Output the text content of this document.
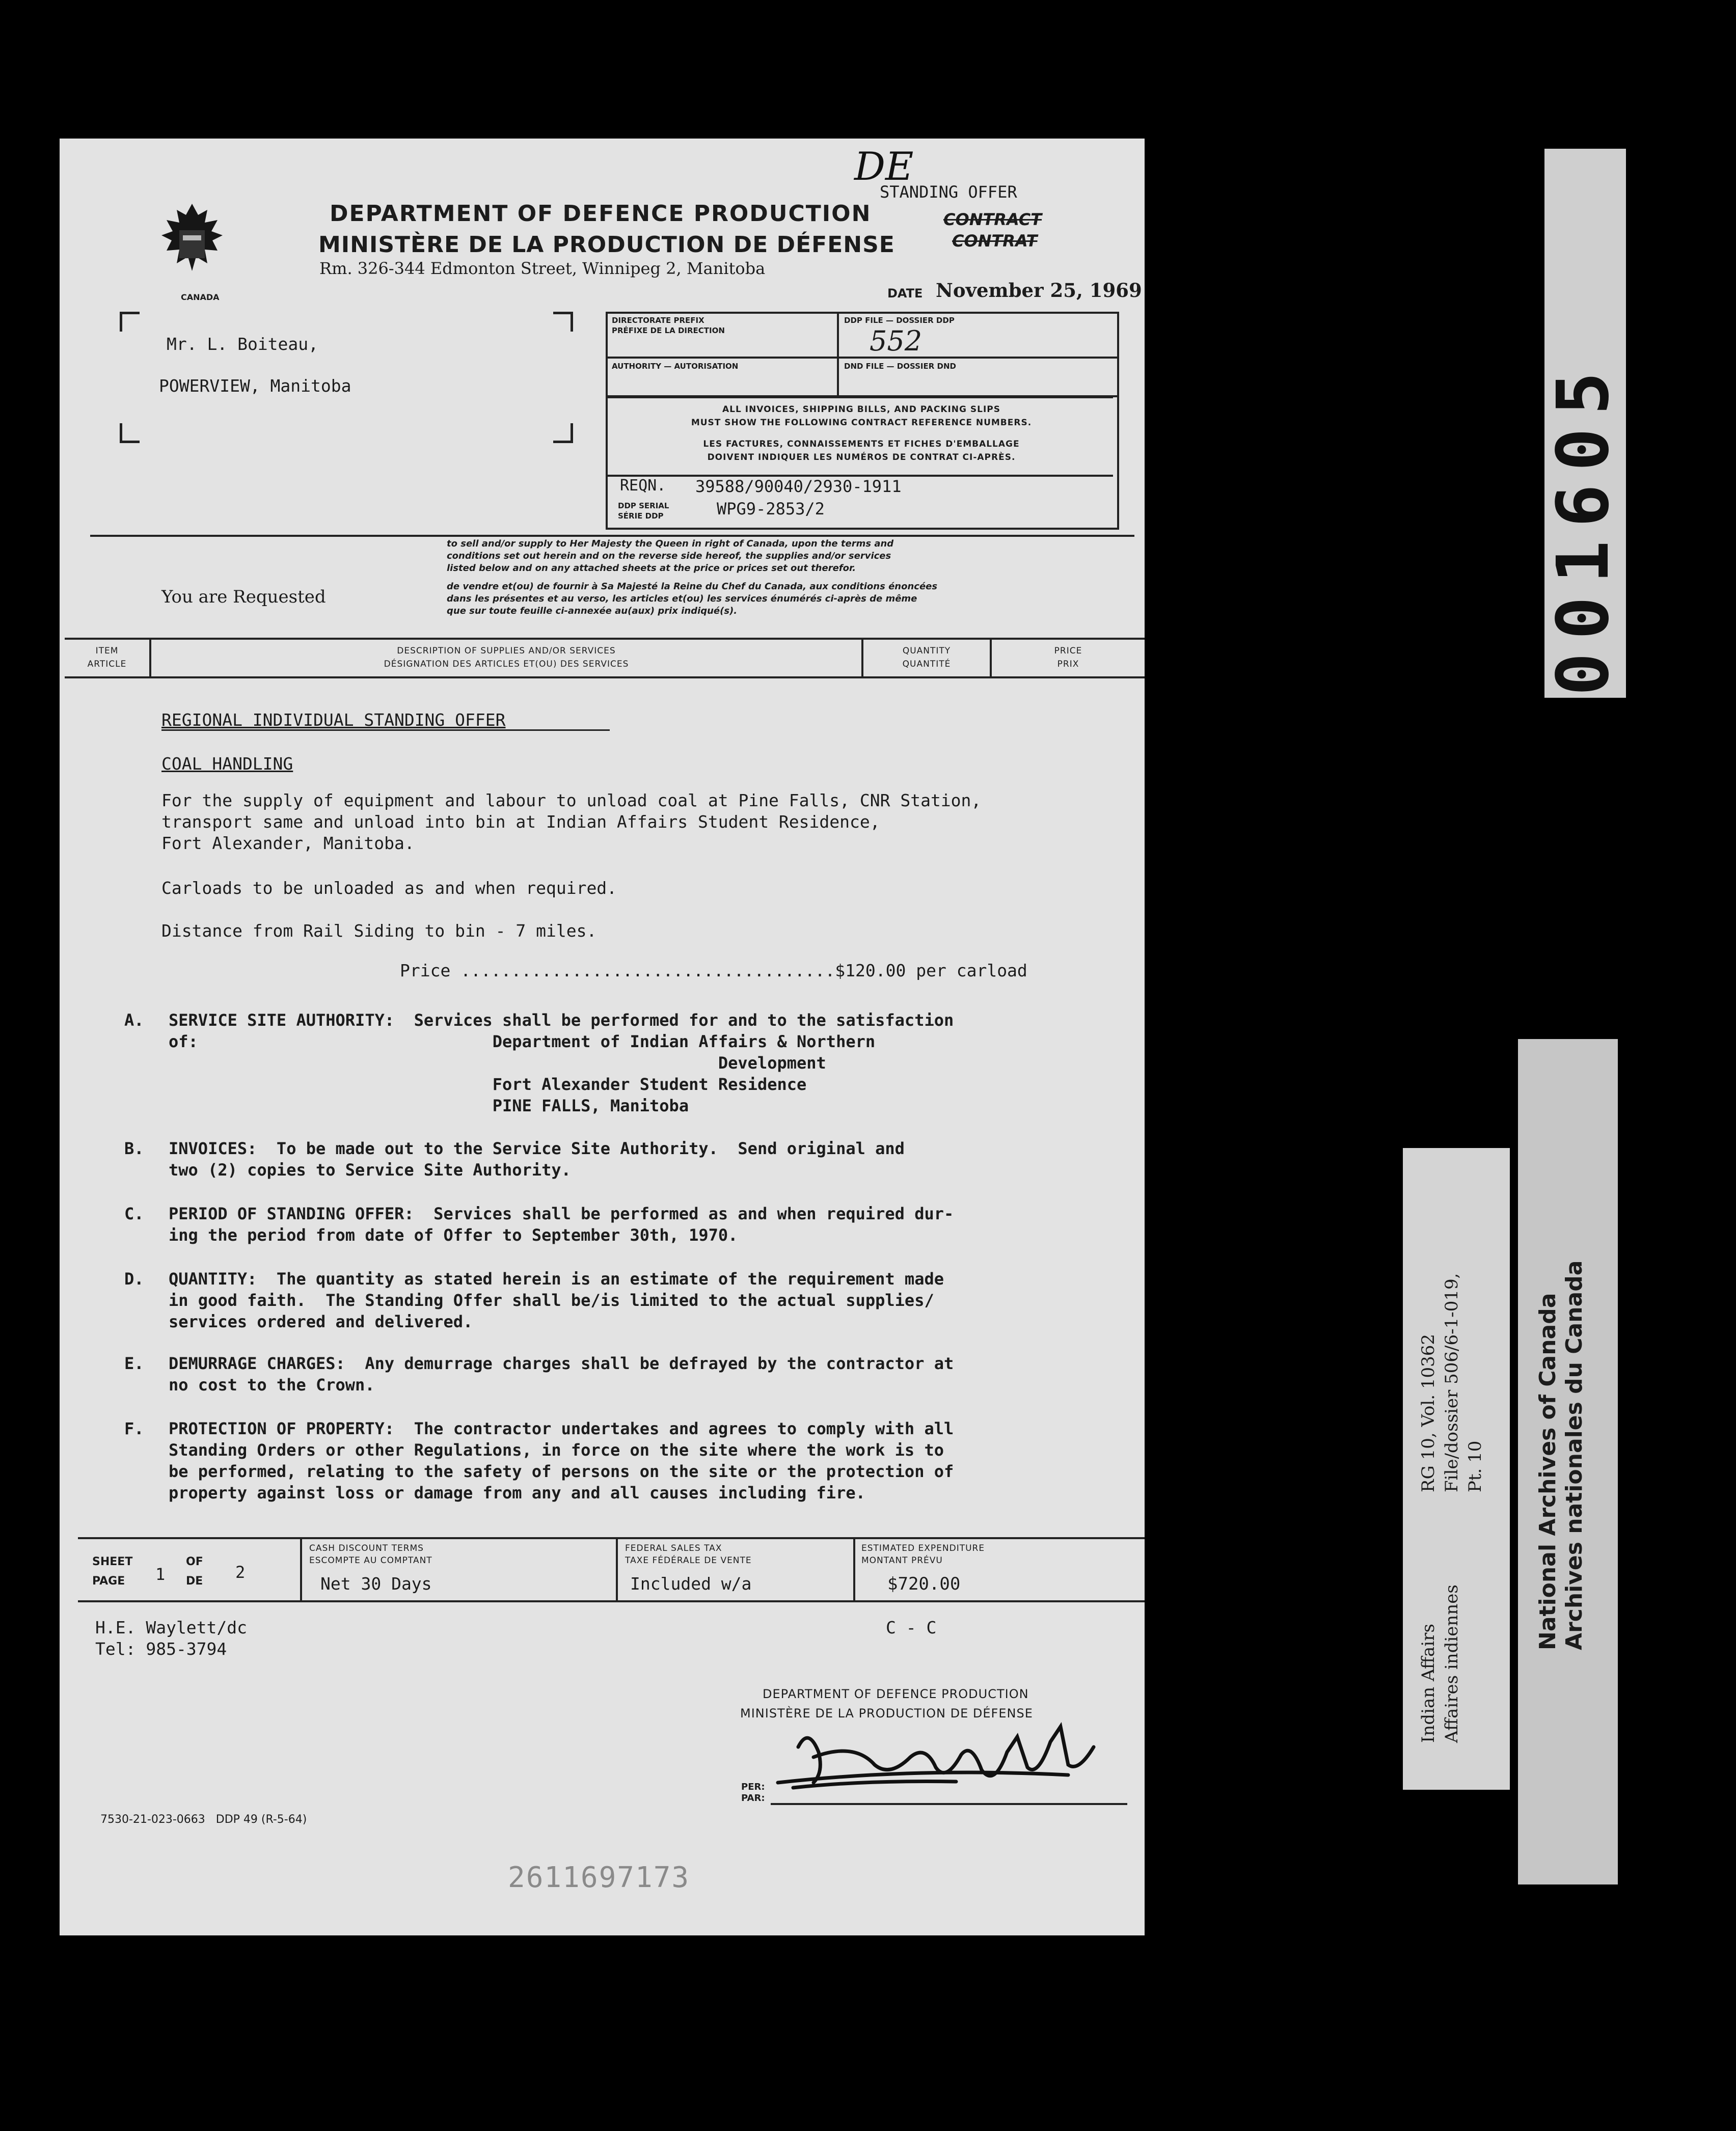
CANADA
DEPARTMENT OF DEFENCE PRODUCTION
MINISTÈRE DE LA PRODUCTION DE DÉFENSE
Rm. 326-344 Edmonton Street, Winnipeg 2, Manitoba
DE
STANDING OFFER
CONTRACT
CONTRAT
DATE November 25, 1969
Mr. L. Boiteau,
POWERVIEW, Manitoba
DIRECTORATE PREFIX
PRÉFIXE DE LA DIRECTION
DDP FILE — DOSSIER DDP
552
AUTHORITY — AUTORISATION	DND FILE — DOSSIER DND
ALL INVOICES, SHIPPING BILLS, AND PACKING SLIPS
MUST SHOW THE FOLLOWING CONTRACT REFERENCE NUMBERS.
LES FACTURES, CONNAISSEMENTS ET FICHES D'EMBALLAGE
DOIVENT INDIQUER LES NUMÉROS DE CONTRAT CI-APRÈS.
REQN. 39588/90040/2930-1911
DDP SERIAL
SÉRIE DDP	WPG9-2853/2
You are Requested
to sell and/or supply to Her Majesty the Queen in right of Canada, upon the terms and
conditions set out herein and on the reverse side hereof, the supplies and/or services
listed below and on any attached sheets at the price or prices set out therefor.
de vendre et(ou) de fournir à Sa Majesté la Reine du Chef du Canada, aux conditions énoncées
dans les présentes et au verso, les articles et(ou) les services énumérés ci-après de même
que sur toute feuille ci-annexée au(aux) prix indiqué(s).
ITEM
ARTICLE
DESCRIPTION OF SUPPLIES AND/OR SERVICES
DÉSIGNATION DES ARTICLES ET(OU) DES SERVICES
QUANTITY
QUANTITÉ
PRICE
PRIX
REGIONAL INDIVIDUAL STANDING OFFER
COAL HANDLING
For the supply of equipment and labour to unload coal at Pine Falls, CNR Station,
transport same and unload into bin at Indian Affairs Student Residence,
Fort Alexander, Manitoba.
Carloads to be unloaded as and when required.
Distance from Rail Siding to bin - 7 miles.
Price .....................................$120.00 per carload
A. SERVICE SITE AUTHORITY:  Services shall be performed for and to the satisfaction
of:                              Department of Indian Affairs & Northern
Development
Fort Alexander Student Residence
PINE FALLS, Manitoba
B. INVOICES:  To be made out to the Service Site Authority.  Send original and
two (2) copies to Service Site Authority.
C. PERIOD OF STANDING OFFER:  Services shall be performed as and when required dur-
ing the period from date of Offer to September 30th, 1970.
D. QUANTITY:  The quantity as stated herein is an estimate of the requirement made
in good faith.  The Standing Offer shall be/is limited to the actual supplies/
services ordered and delivered.
E. DEMURRAGE CHARGES:  Any demurrage charges shall be defrayed by the contractor at
no cost to the Crown.
F. PROTECTION OF PROPERTY:  The contractor undertakes and agrees to comply with all
Standing Orders or other Regulations, in force on the site where the work is to
be performed, relating to the safety of persons on the site or the protection of
property against loss or damage from any and all causes including fire.
SHEET
PAGE 1
OF
DE 2
CASH DISCOUNT TERMS
ESCOMPTE AU COMPTANT
Net 30 Days
FEDERAL SALES TAX
TAXE FÉDÉRALE DE VENTE
Included w/a
ESTIMATED EXPENDITURE
MONTANT PRÉVU
$720.00
H.E. Waylett/dc
Tel: 985-3794
C - C
DEPARTMENT OF DEFENCE PRODUCTION
MINISTÈRE DE LA PRODUCTION DE DÉFENSE
PER:
PAR:
7530-21-023-0663   DDP 49 (R-5-64)
2611697173
001605
RG 10, Vol. 10362 File/dossier 506/6-1-019, Pt. 10
Indian Affairs Affaires indiennes
National Archives of Canada Archives nationales du Canada
